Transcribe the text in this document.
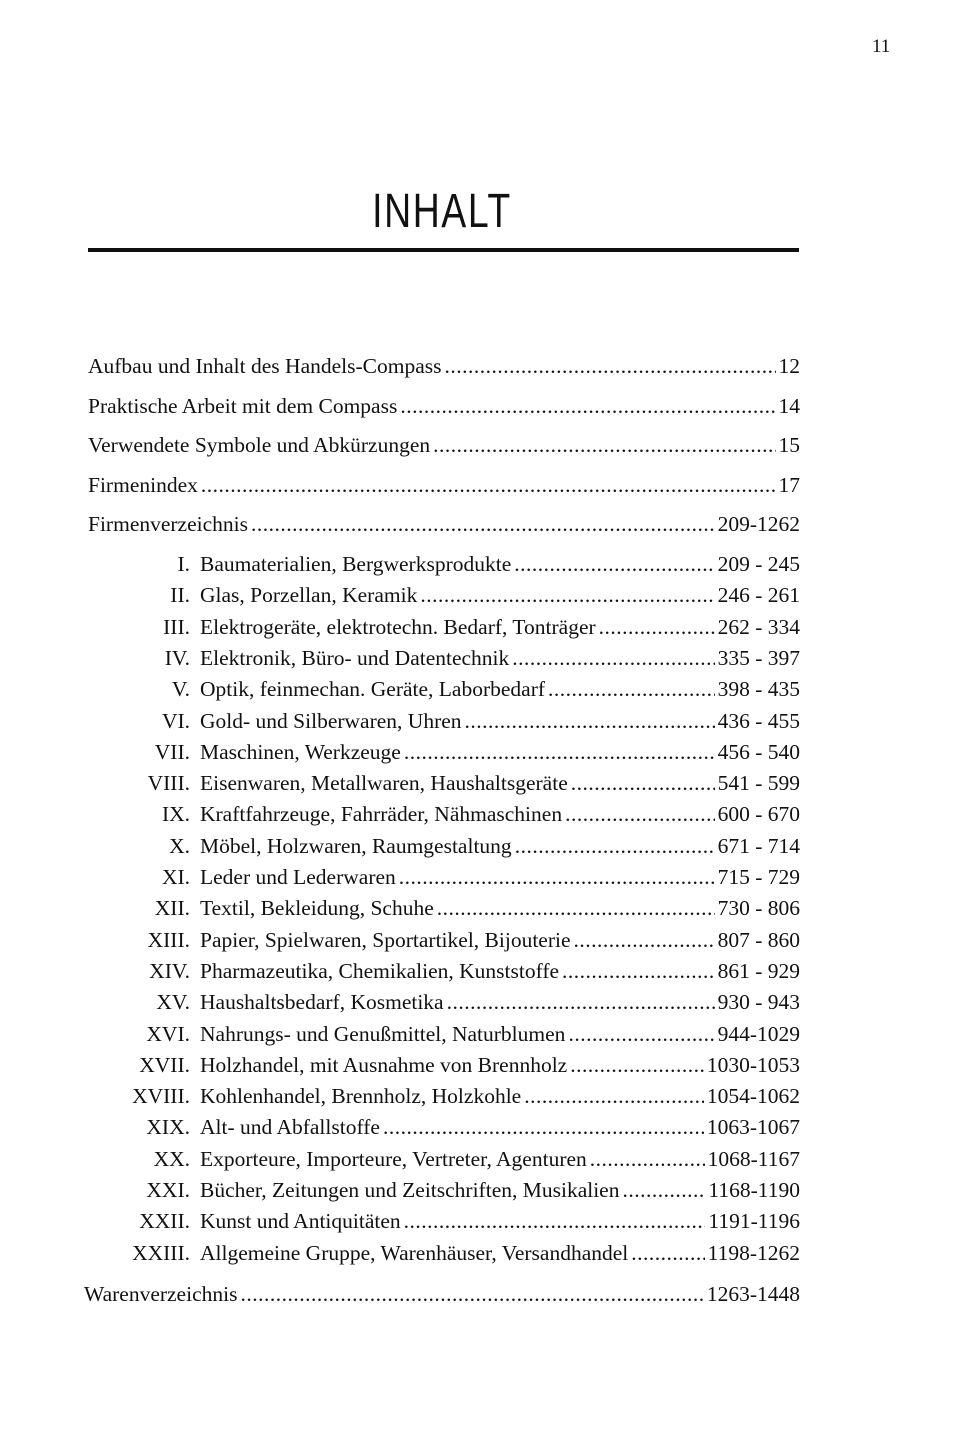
11
INHALT
Aufbau und Inhalt des Handels-Compass .....	12
Praktische Arbeit mit dem Compass .....	14
Verwendete Symbole und Abkürzungen .....	15
Firmenindex .....	17
Firmenverzeichnis .....	209-1262
I. Baumaterialien, Bergwerksprodukte .....	209 - 245
II. Glas, Porzellan, Keramik .....	246 - 261
III. Elektrogeräte, elektrotechn. Bedarf, Tonträger .....	262 - 334
IV. Elektronik, Büro- und Datentechnik .....	335 - 397
V. Optik, feinmechan. Geräte, Laborbedarf .....	398 - 435
VI. Gold- und Silberwaren, Uhren .....	436 - 455
VII. Maschinen, Werkzeuge .....	456 - 540
VIII. Eisenwaren, Metallwaren, Haushaltsgeräte .....	541 - 599
IX. Kraftfahrzeuge, Fahrräder, Nähmaschinen .....	600 - 670
X. Möbel, Holzwaren, Raumgestaltung .....	671 - 714
XI. Leder und Lederwaren .....	715 - 729
XII. Textil, Bekleidung, Schuhe .....	730 - 806
XIII. Papier, Spielwaren, Sportartikel, Bijouterie .....	807 - 860
XIV. Pharmazeutika, Chemikalien, Kunststoffe .....	861 - 929
XV. Haushaltsbedarf, Kosmetika .....	930 - 943
XVI. Nahrungs- und Genußmittel, Naturblumen .....	944-1029
XVII. Holzhandel, mit Ausnahme von Brennholz .....	1030-1053
XVIII. Kohlenhandel, Brennholz, Holzkohle .....	1054-1062
XIX. Alt- und Abfallstoffe .....	1063-1067
XX. Exporteure, Importeure, Vertreter, Agenturen .....	1068-1167
XXI. Bücher, Zeitungen und Zeitschriften, Musikalien .....	1168-1190
XXII. Kunst und Antiquitäten .....	1191-1196
XXIII. Allgemeine Gruppe, Warenhäuser, Versandhandel .....	1198-1262
Warenverzeichnis .....	1263-1448
